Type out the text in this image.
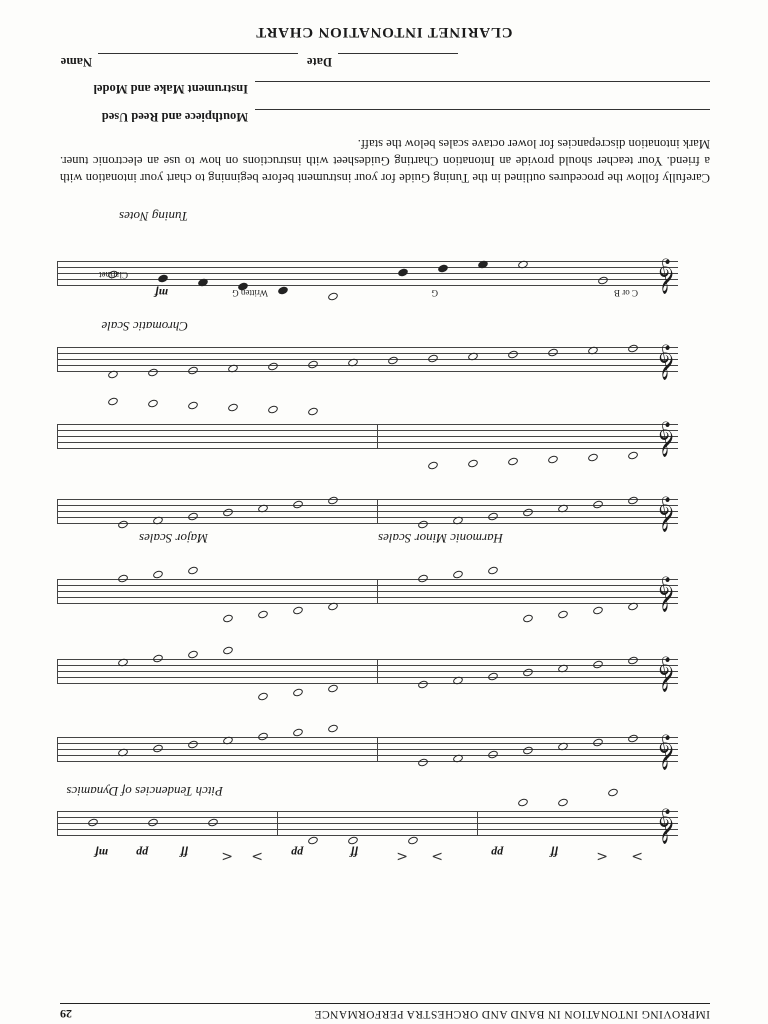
IMPROVING INTONATION IN BAND AND ORCHESTRA PERFORMANCE
29
CLARINET INTONATION CHART
Name	Date
Instrument Make and Model
Mouthpiece and Reed Used
Carefully follow the procedures outlined in the Tuning Guide for your instrument before beginning to chart your intonation with a friend. Your teacher should provide an Intonation Charting Guidesheet with instructions on how to use an electronic tuner. Mark intonation discrepancies for lower octave scales below the staff.
Tuning Notes
𝄞
Clarinet
Written G	G	C or B
mf
Chromatic Scale
𝄞
𝄞
Major Scales	Harmonic Minor Scales
𝄞
𝄞
𝄞
𝄞
Pitch Tendencies of Dynamics
𝄞
mf pp	ff < > pp	ff	< >	pp	ff	< >
